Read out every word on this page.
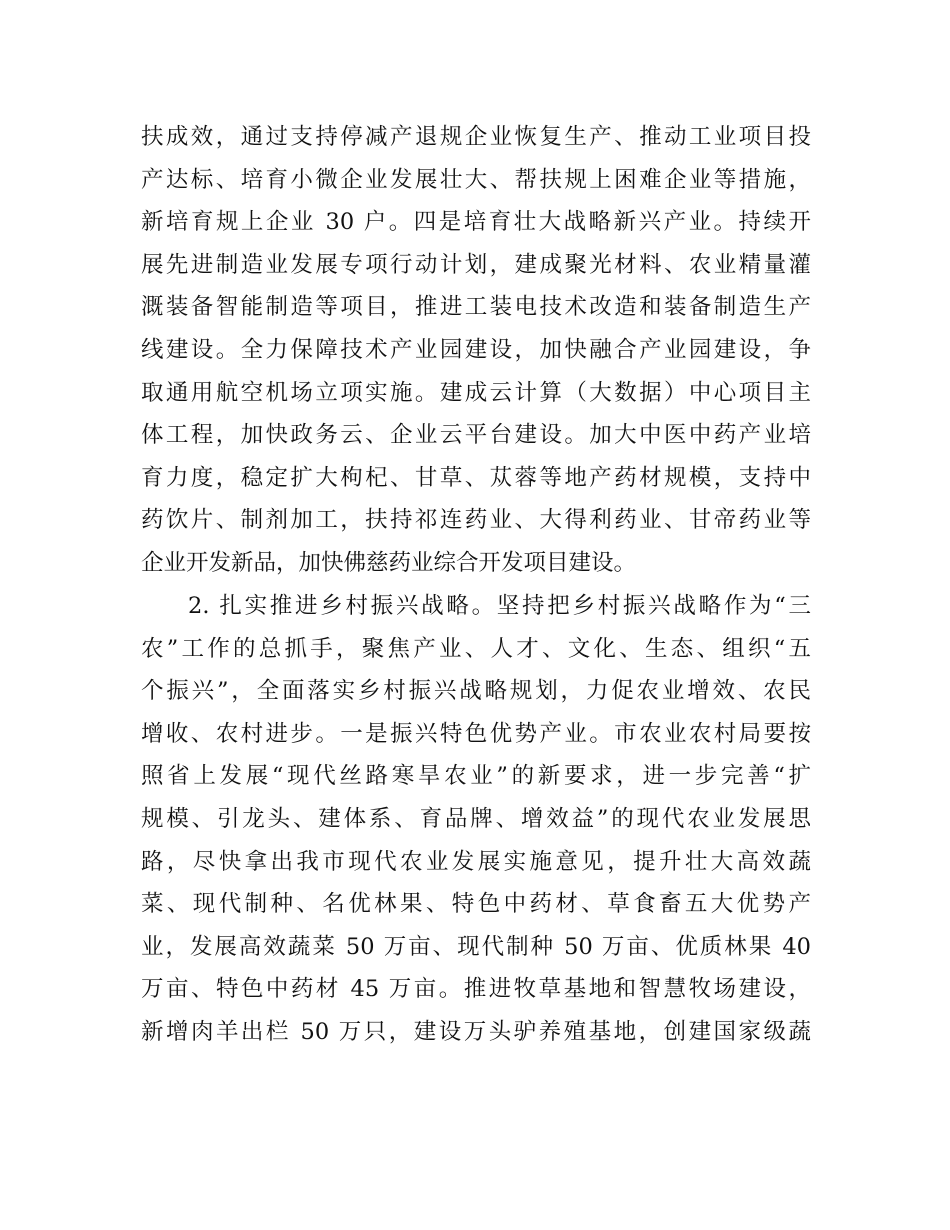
扶成效，通过支持停减产退规企业恢复生产、推动工业项目投
产达标、培育小微企业发展壮大、帮扶规上困难企业等措施，
新培育规上企业 30 户。四是培育壮大战略新兴产业。持续开
展先进制造业发展专项行动计划，建成聚光材料、农业精量灌
溉装备智能制造等项目，推进工装电技术改造和装备制造生产
线建设。全力保障技术产业园建设，加快融合产业园建设，争
取通用航空机场立项实施。建成云计算（大数据）中心项目主
体工程，加快政务云、企业云平台建设。加大中医中药产业培
育力度，稳定扩大枸杞、甘草、苁蓉等地产药材规模，支持中
药饮片、制剂加工，扶持祁连药业、大得利药业、甘帝药业等
企业开发新品，加快佛慈药业综合开发项目建设。
2. 扎实推进乡村振兴战略。坚持把乡村振兴战略作为“三
农”工作的总抓手，聚焦产业、人才、文化、生态、组织“五
个振兴”，全面落实乡村振兴战略规划，力促农业增效、农民
增收、农村进步。一是振兴特色优势产业。市农业农村局要按
照省上发展“现代丝路寒旱农业”的新要求，进一步完善“扩
规模、引龙头、建体系、育品牌、增效益”的现代农业发展思
路，尽快拿出我市现代农业发展实施意见，提升壮大高效蔬
菜、现代制种、名优林果、特色中药材、草食畜五大优势产
业，发展高效蔬菜 50 万亩、现代制种 50 万亩、优质林果 40
万亩、特色中药材 45 万亩。推进牧草基地和智慧牧场建设，
新增肉羊出栏 50 万只，建设万头驴养殖基地，创建国家级蔬
